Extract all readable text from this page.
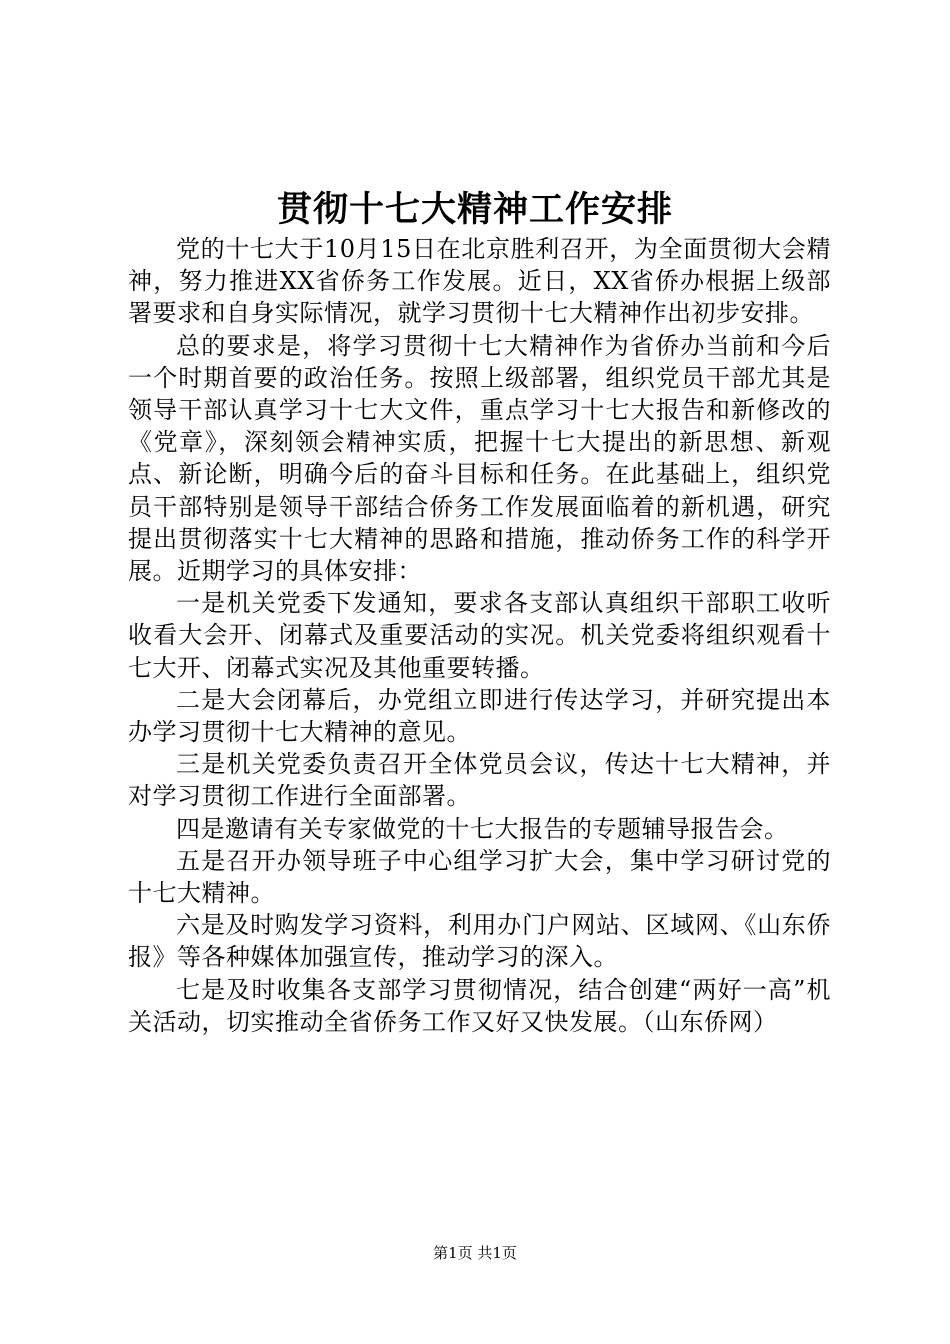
贯彻十七大精神工作安排

党的十七大于10月15日在北京胜利召开，为全面贯彻大会精神，努力推进XX省侨务工作发展。近日，XX省侨办根据上级部署要求和自身实际情况，就学习贯彻十七大精神作出初步安排。

总的要求是，将学习贯彻十七大精神作为省侨办当前和今后一个时期首要的政治任务。按照上级部署，组织党员干部尤其是领导干部认真学习十七大文件，重点学习十七大报告和新修改的《党章》，深刻领会精神实质，把握十七大提出的新思想、新观点、新论断，明确今后的奋斗目标和任务。在此基础上，组织党员干部特别是领导干部结合侨务工作发展面临着的新机遇，研究提出贯彻落实十七大精神的思路和措施，推动侨务工作的科学开展。近期学习的具体安排：

一是机关党委下发通知，要求各支部认真组织干部职工收听收看大会开、闭幕式及重要活动的实况。机关党委将组织观看十七大开、闭幕式实况及其他重要转播。

二是大会闭幕后，办党组立即进行传达学习，并研究提出本办学习贯彻十七大精神的意见。

三是机关党委负责召开全体党员会议，传达十七大精神，并对学习贯彻工作进行全面部署。

四是邀请有关专家做党的十七大报告的专题辅导报告会。

五是召开办领导班子中心组学习扩大会，集中学习研讨党的十七大精神。

六是及时购发学习资料，利用办门户网站、区域网、《山东侨报》等各种媒体加强宣传，推动学习的深入。

七是及时收集各支部学习贯彻情况，结合创建“两好一高”机关活动，切实推动全省侨务工作又好又快发展。（山东侨网）

第1页 共1页
